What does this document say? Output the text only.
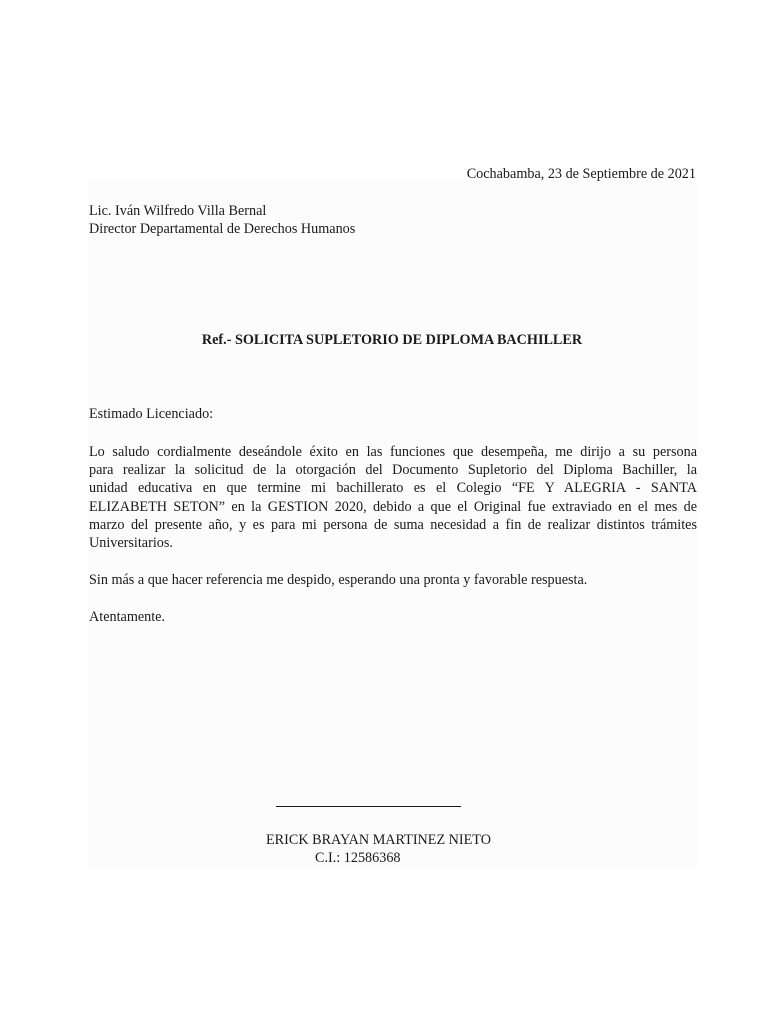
Cochabamba, 23 de Septiembre de 2021
Lic. Iván Wilfredo Villa Bernal
Director Departamental de Derechos Humanos
Ref.- SOLICITA SUPLETORIO DE DIPLOMA BACHILLER
Estimado Licenciado:
Lo saludo cordialmente deseándole éxito en las funciones que desempeña, me dirijo a su persona
para realizar la solicitud de la otorgación del Documento Supletorio del Diploma Bachiller, la
unidad educativa en que termine mi bachillerato es el Colegio “FE Y ALEGRIA - SANTA
ELIZABETH SETON” en la GESTION 2020, debido a que el Original fue extraviado en el mes de
marzo del presente año, y es para mi persona de suma necesidad a fin de realizar distintos trámites
Universitarios.
Sin más a que hacer referencia me despido, esperando una pronta y favorable respuesta.
Atentamente.
ERICK BRAYAN MARTINEZ NIETO
C.I.: 12586368
